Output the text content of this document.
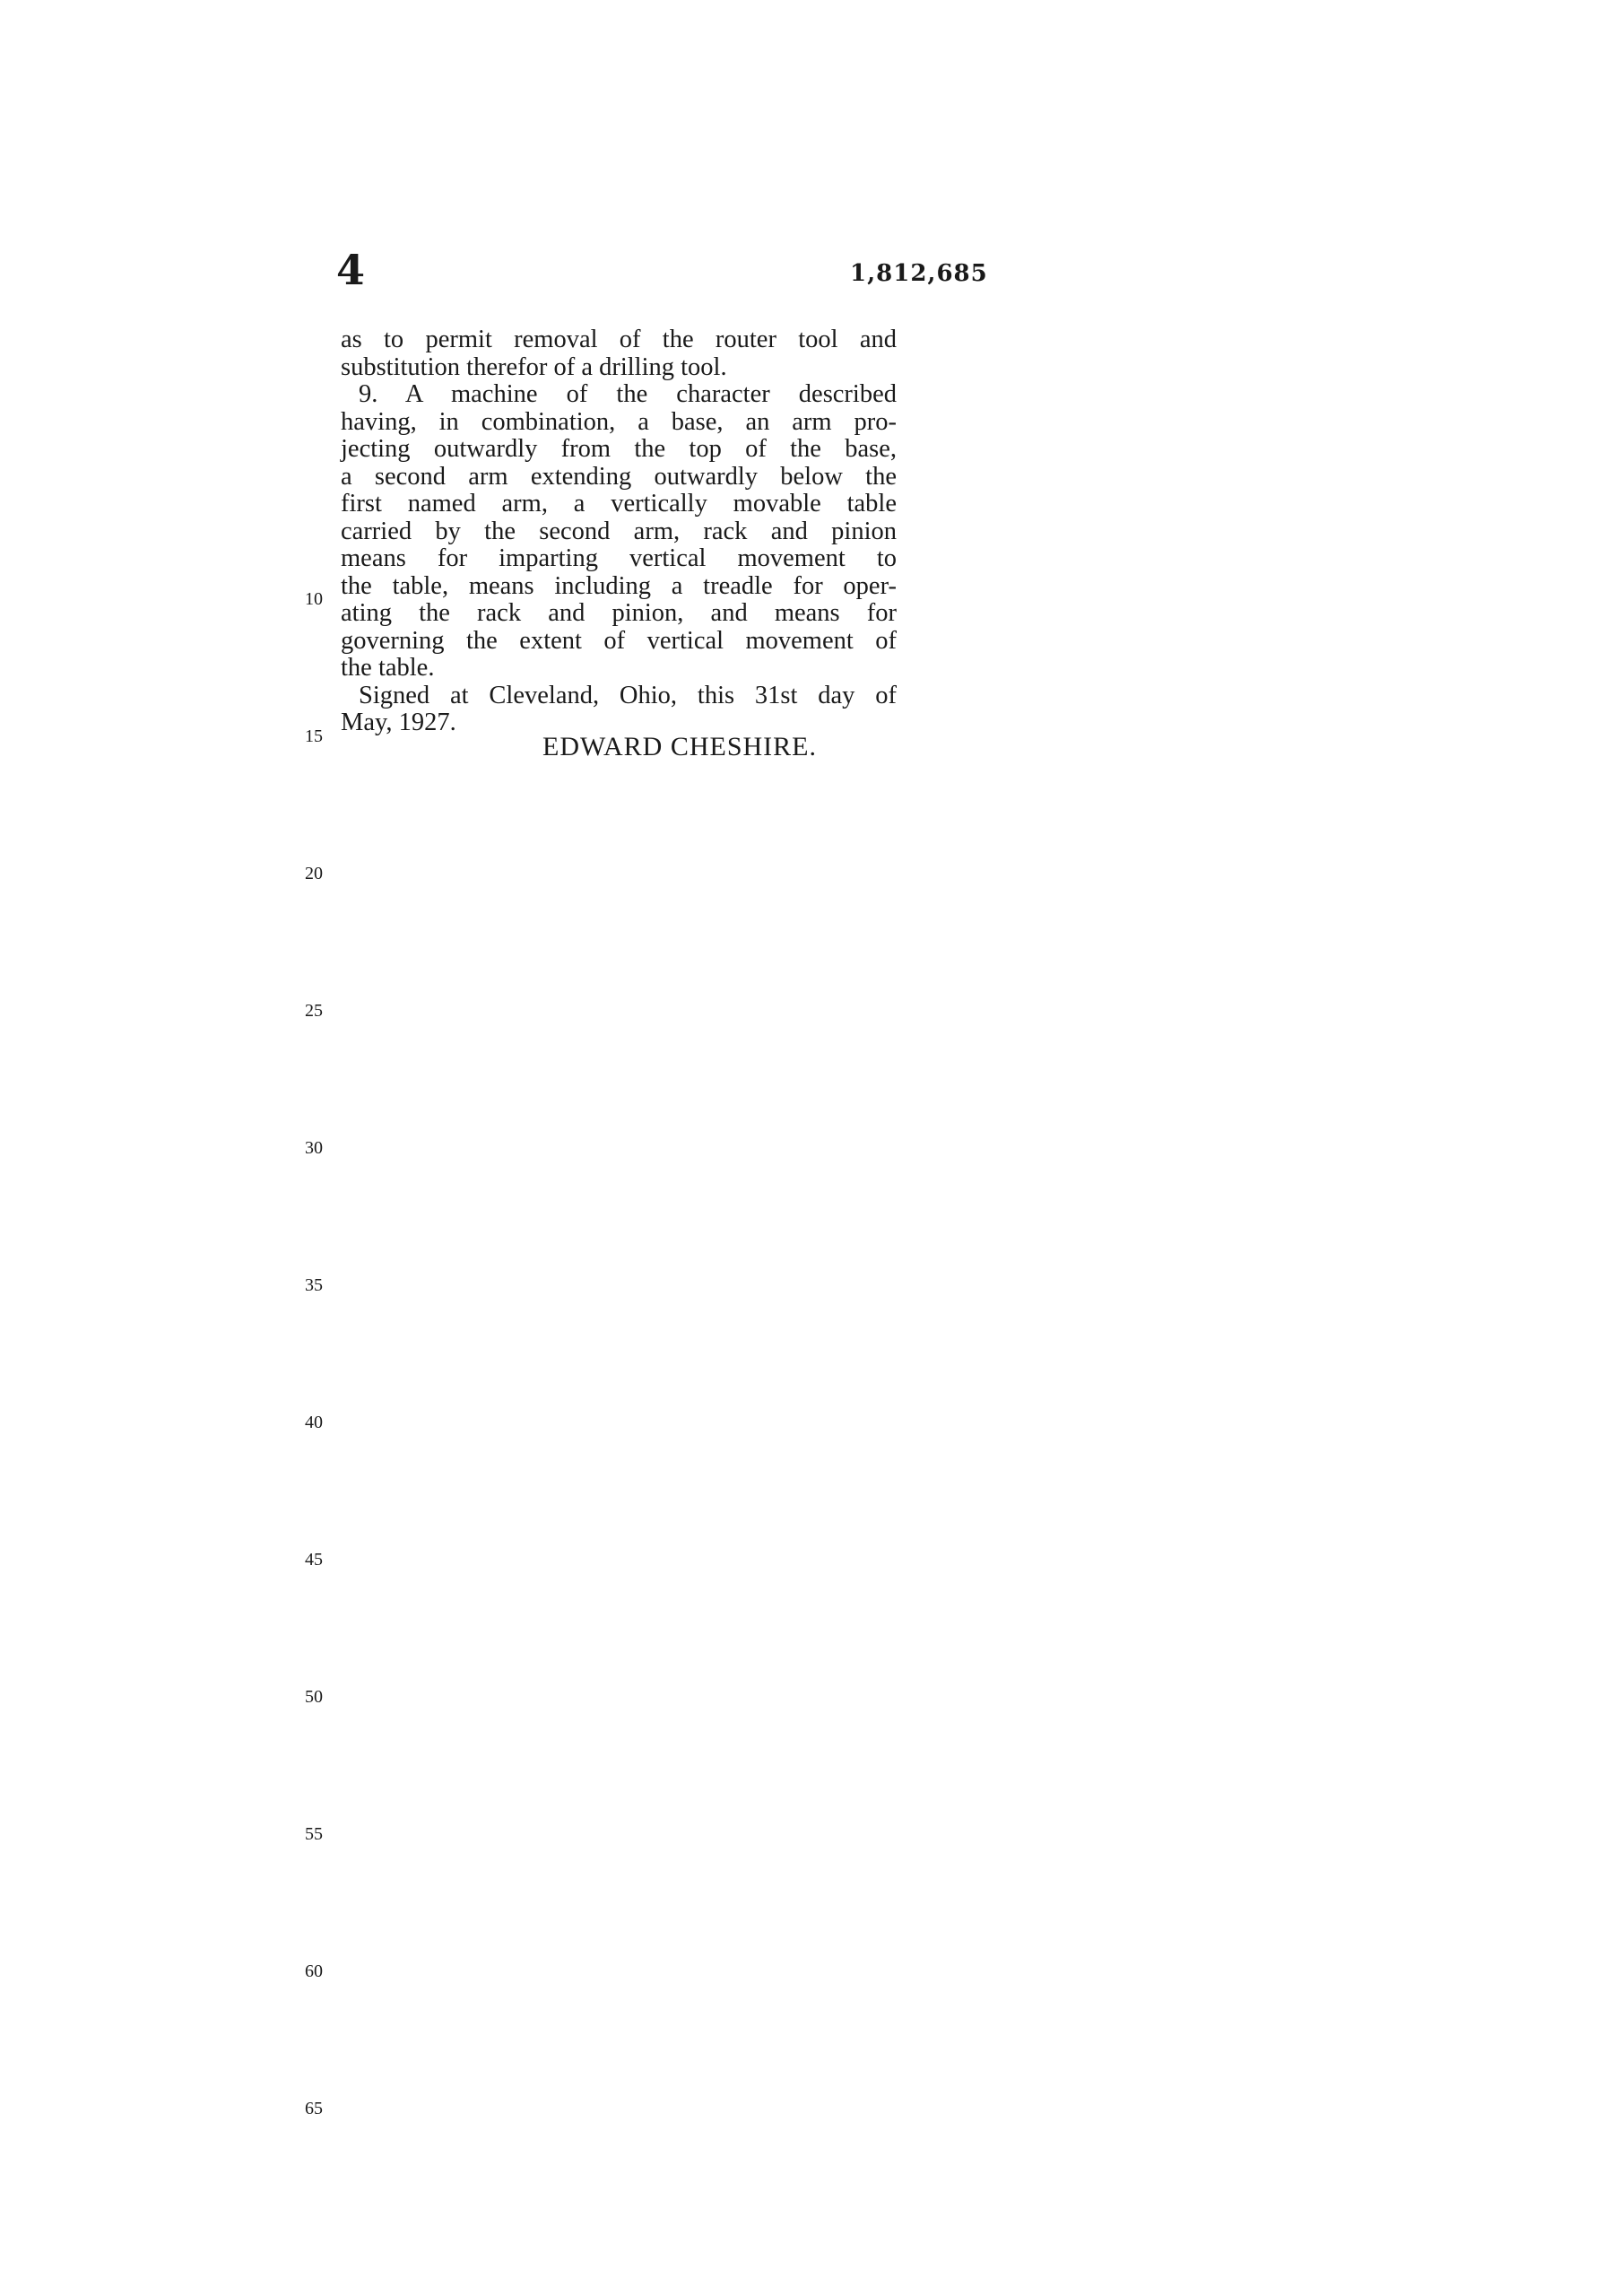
4	1,812,685
as to permit removal of the router tool and
substitution therefor of a drilling tool.
9. A machine of the character described
having, in combination, a base, an arm pro-
jecting outwardly from the top of the base,
a second arm extending outwardly below the
first named arm, a vertically movable table
carried by the second arm, rack and pinion
means for imparting vertical movement to
the table, means including a treadle for oper-
ating the rack and pinion, and means for
governing the extent of vertical movement of
the table.
Signed at Cleveland, Ohio, this 31st day of
May, 1927.
EDWARD CHESHIRE.
10
15
20
25
30
35
40
45
50
55
60
65
